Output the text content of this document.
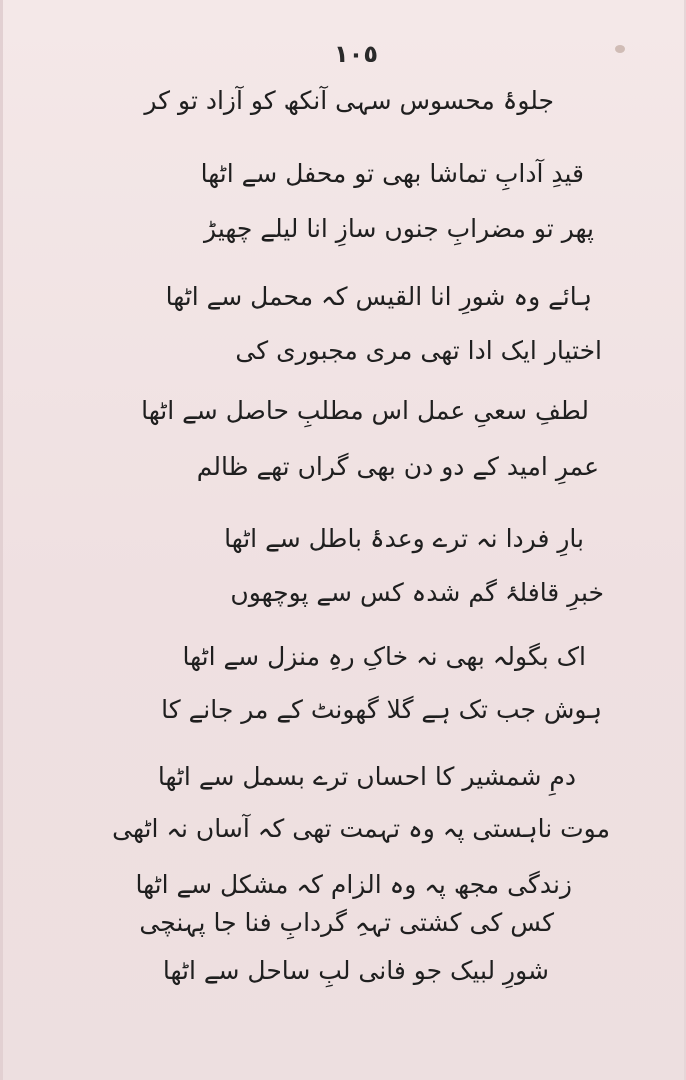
١٠٥
جلوۂ محسوس سہی آنکھ کو آزاد تو کر
قیدِ آدابِ تماشا بھی تو محفل سے اٹھا
پھر تو مضرابِ جنوں سازِ انا لیلے چھیڑ
ہائے وہ شورِ انا القیس کہ محمل سے اٹھا
اختیار ایک ادا تھی مری مجبوری کی
لطفِ سعیِ عمل اس مطلبِ حاصل سے اٹھا
عمرِ امید کے دو دن بھی گراں تھے ظالم
بارِ فردا نہ ترے وعدۂ باطل سے اٹھا
خبرِ قافلۂ گم شدہ کس سے پوچھوں
اک بگولہ بھی نہ خاکِ رہِ منزل سے اٹھا
ہوش جب تک ہے گلا گھونٹ کے مر جانے کا
دمِ شمشیر کا احساں ترے بسمل سے اٹھا
موت ناہستی پہ وہ تہمت تھی کہ آساں نہ اٹھی
زندگی مجھ پہ وہ الزام کہ مشکل سے اٹھا
کس کی کشتی تہہِ گردابِ فنا جا پہنچی
شورِ لبیک جو فانی لبِ ساحل سے اٹھا
